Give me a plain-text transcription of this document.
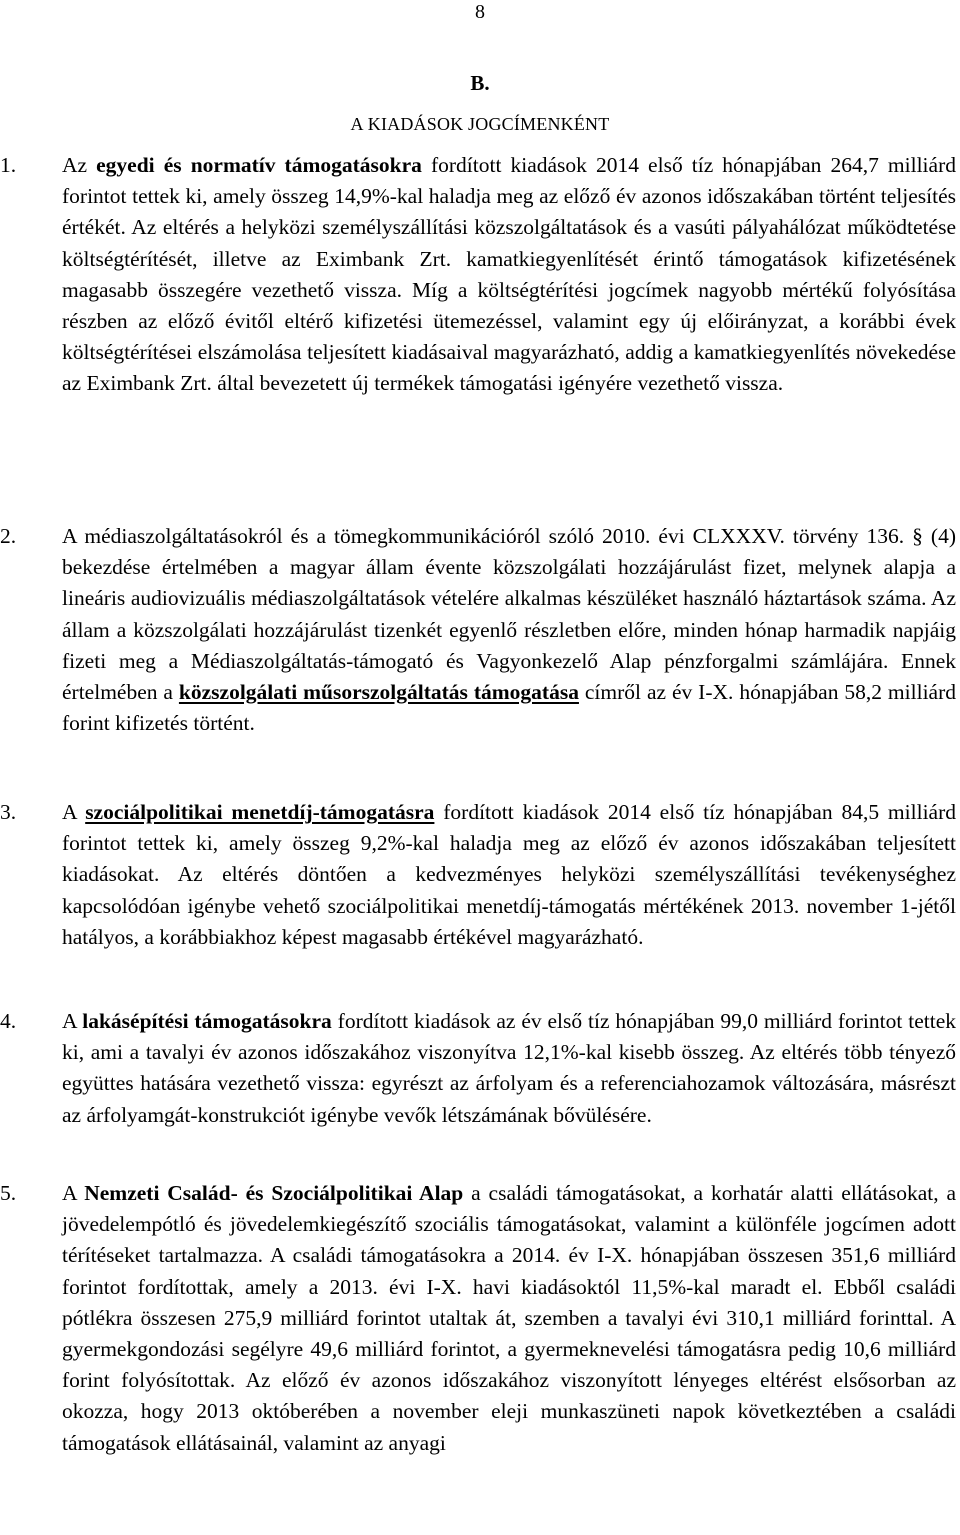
8
B.
A KIADÁSOK JOGCÍMENKÉNT
1.	Az egyedi és normatív támogatásokra fordított kiadások 2014 első tíz hónapjában 264,7 milliárd forintot tettek ki, amely összeg 14,9%-kal haladja meg az előző év azonos időszakában történt teljesítés értékét. Az eltérés a helyközi személyszállítási közszolgáltatások és a vasúti pályahálózat működtetése költségtérítését, illetve az Eximbank Zrt. kamatkiegyenlítését érintő támogatások kifizetésének magasabb összegére vezethető vissza. Míg a költségtérítési jogcímek nagyobb mértékű folyósítása részben az előző évitől eltérő kifizetési ütemezéssel, valamint egy új előirányzat, a korábbi évek költségtérítései elszámolása teljesített kiadásaival magyarázható, addig a kamatkiegyenlítés növekedése az Eximbank Zrt. által bevezetett új termékek támogatási igényére vezethető vissza.
2.	A médiaszolgáltatásokról és a tömegkommunikációról szóló 2010. évi CLXXXV. törvény 136. § (4) bekezdése értelmében a magyar állam évente közszolgálati hozzájárulást fizet, melynek alapja a lineáris audiovizuális médiaszolgáltatások vételére alkalmas készüléket használó háztartások száma. Az állam a közszolgálati hozzájárulást tizenkét egyenlő részletben előre, minden hónap harmadik napjáig fizeti meg a Médiaszolgáltatás-támogató és Vagyonkezelő Alap pénzforgalmi számlájára. Ennek értelmében a közszolgálati műsorszolgáltatás támogatása címről az év I-X. hónapjában 58,2 milliárd forint kifizetés történt.
3.	A szociálpolitikai menetdíj-támogatásra fordított kiadások 2014 első tíz hónapjában 84,5 milliárd forintot tettek ki, amely összeg 9,2%-kal haladja meg az előző év azonos időszakában teljesített kiadásokat. Az eltérés döntően a kedvezményes helyközi személyszállítási tevékenységhez kapcsolódóan igénybe vehető szociálpolitikai menetdíj-támogatás mértékének 2013. november 1-jétől hatályos, a korábbiakhoz képest magasabb értékével magyarázható.
4.	A lakásépítési támogatásokra fordított kiadások az év első tíz hónapjában 99,0 milliárd forintot tettek ki, ami a tavalyi év azonos időszakához viszonyítva 12,1%-kal kisebb összeg. Az eltérés több tényező együttes hatására vezethető vissza: egyrészt az árfolyam és a referenciahozamok változására, másrészt az árfolyamgát-konstrukciót igénybe vevők létszámának bővülésére.
5.	A Nemzeti Család- és Szociálpolitikai Alap a családi támogatásokat, a korhatár alatti ellátásokat, a jövedelempótló és jövedelemkiegészítő szociális támogatásokat, valamint a különféle jogcímen adott térítéseket tartalmazza. A családi támogatásokra a 2014. év I-X. hónapjában összesen 351,6 milliárd forintot fordítottak, amely a 2013. évi I-X. havi kiadásoktól 11,5%-kal maradt el. Ebből családi pótlékra összesen 275,9 milliárd forintot utaltak át, szemben a tavalyi évi 310,1 milliárd forinttal. A gyermekgondozási segélyre 49,6 milliárd forintot, a gyermeknevelési támogatásra pedig 10,6 milliárd forint folyósítottak. Az előző év azonos időszakához viszonyított lényeges eltérést elsősorban az okozza, hogy 2013 októberében a november eleji munkaszüneti napok következtében a családi támogatások ellátásainál, valamint az anyagi
